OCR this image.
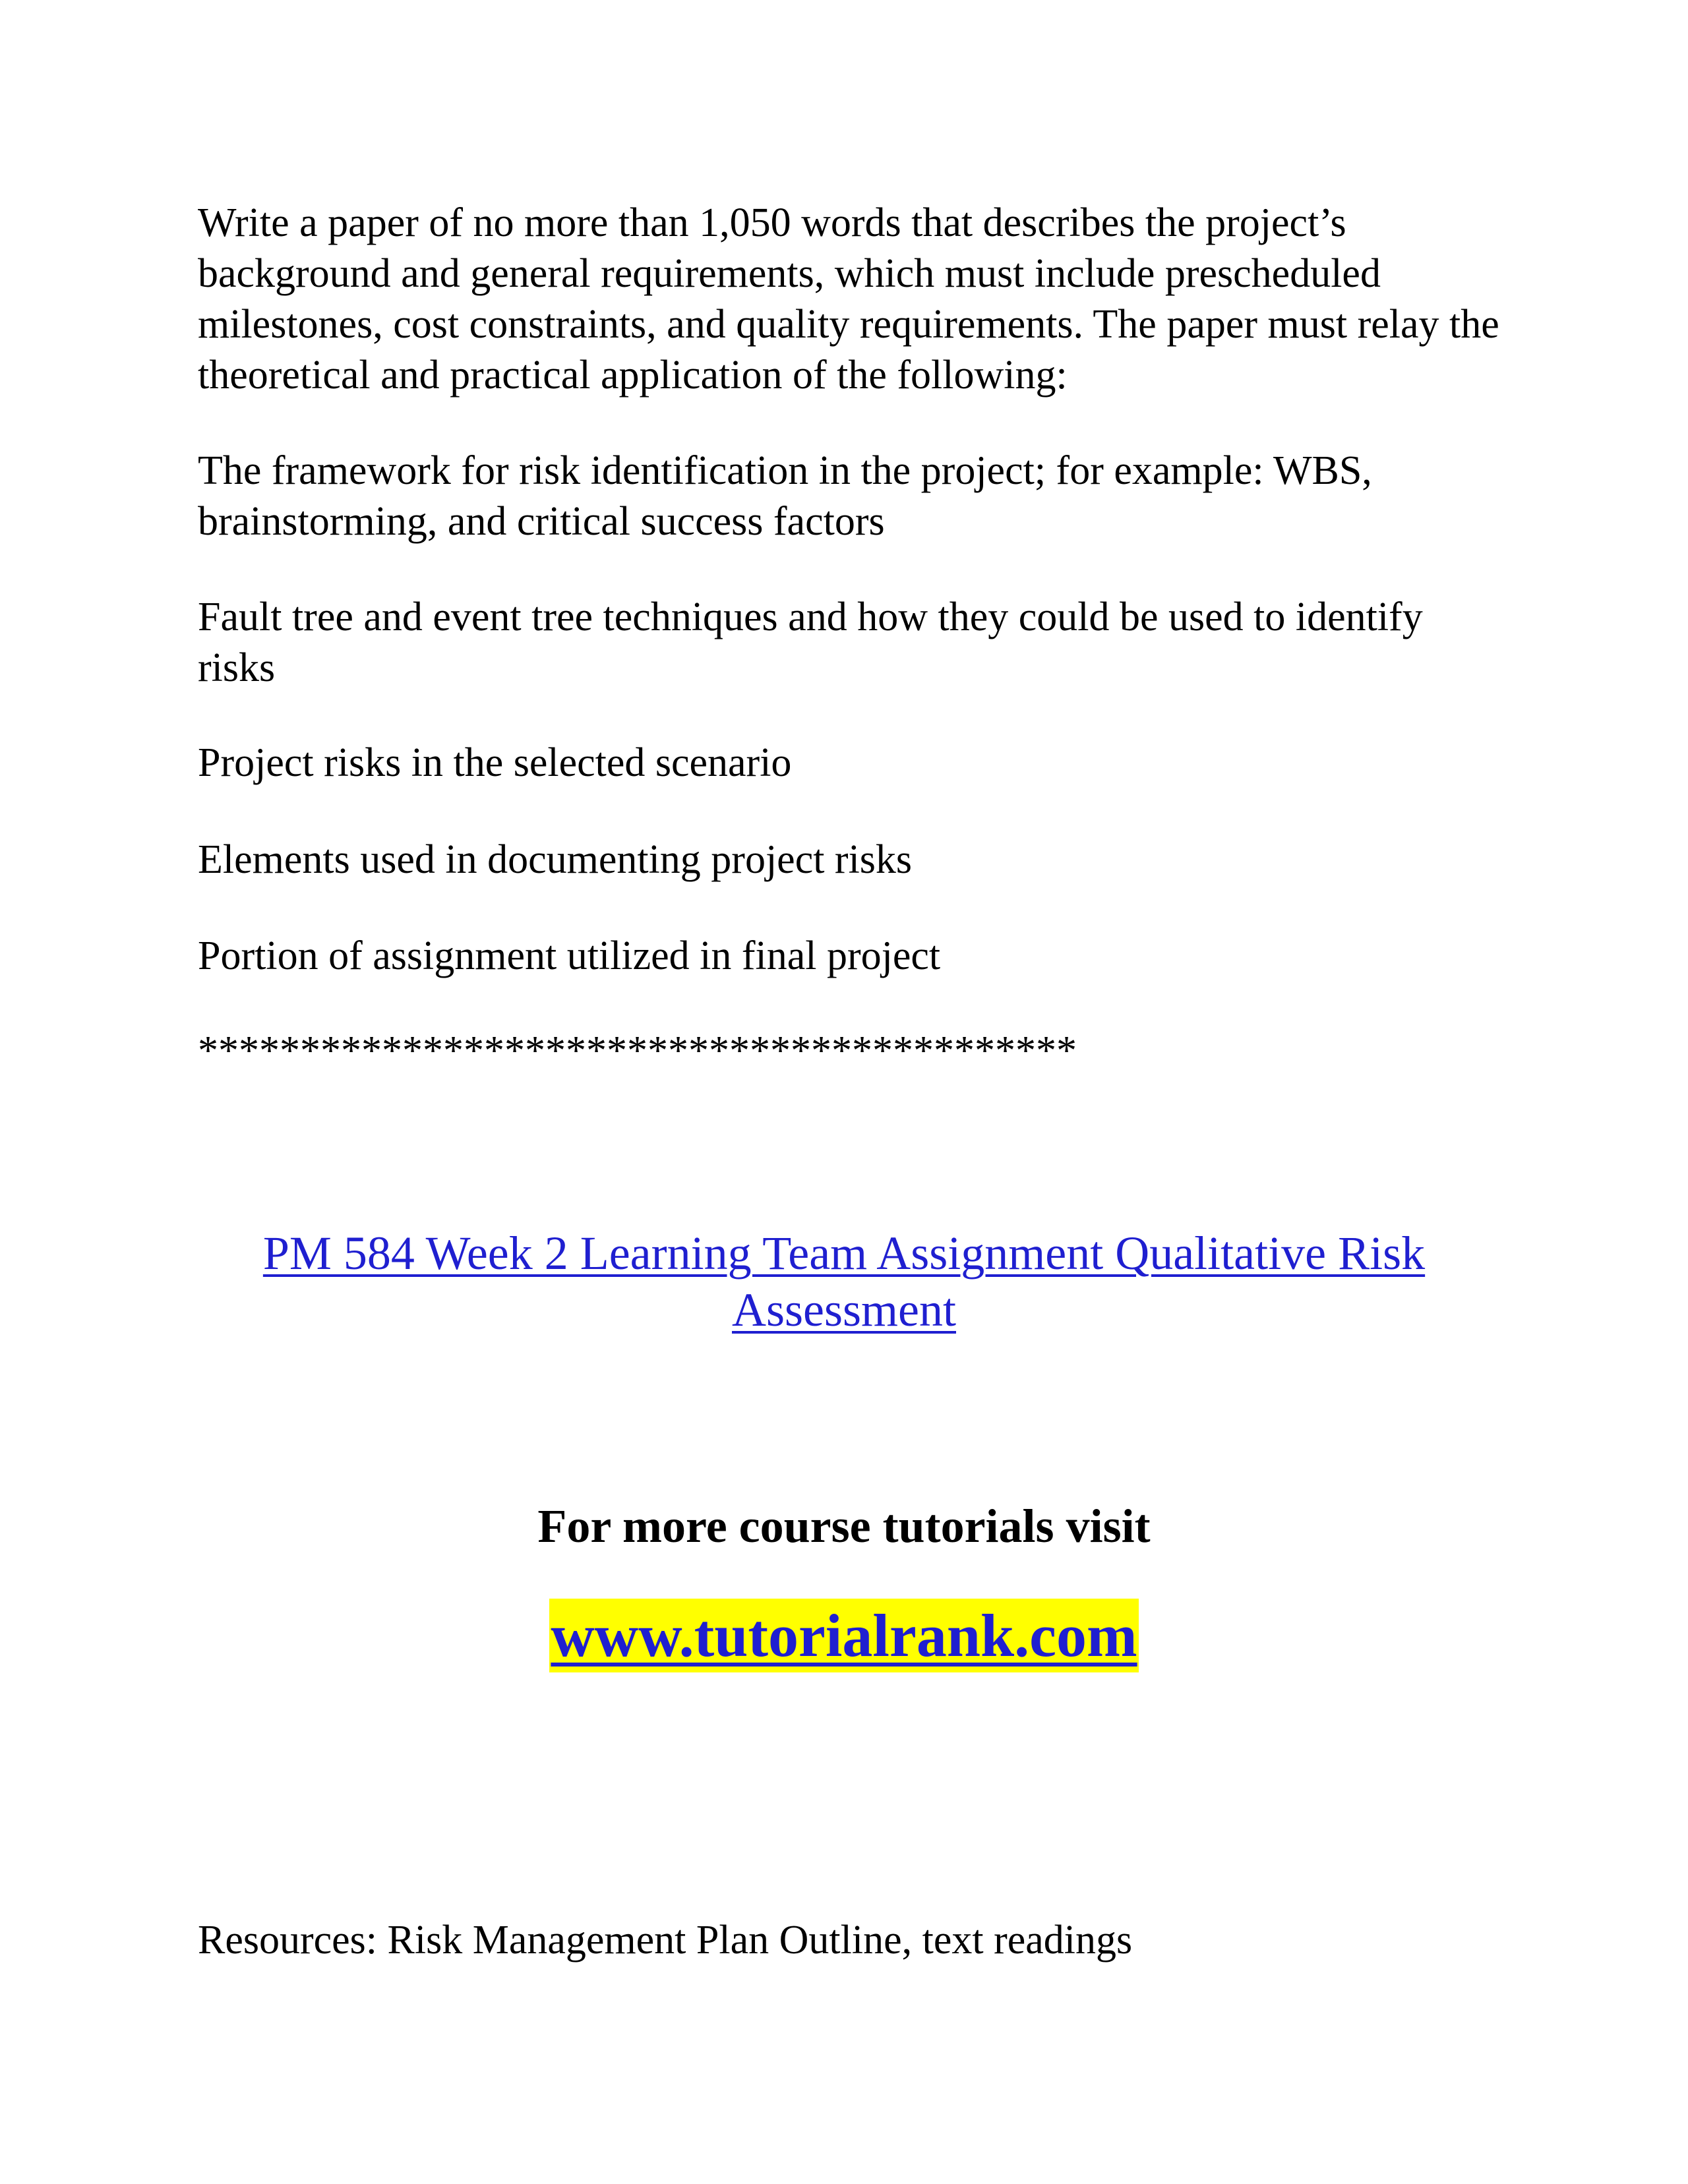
Write a paper of no more than 1,050 words that describes the project’s background and general requirements, which must include prescheduled milestones, cost constraints, and quality requirements. The paper must relay the theoretical and practical application of the following:

The framework for risk identification in the project; for example: WBS, brainstorming, and critical success factors

Fault tree and event tree techniques and how they could be used to identify risks

Project risks in the selected scenario

Elements used in documenting project risks

Portion of assignment utilized in final project

*******************************************
PM 584 Week 2 Learning Team Assignment Qualitative Risk Assessment
For more course tutorials visit
www.tutorialrank.com
Resources: Risk Management Plan Outline, text readings
